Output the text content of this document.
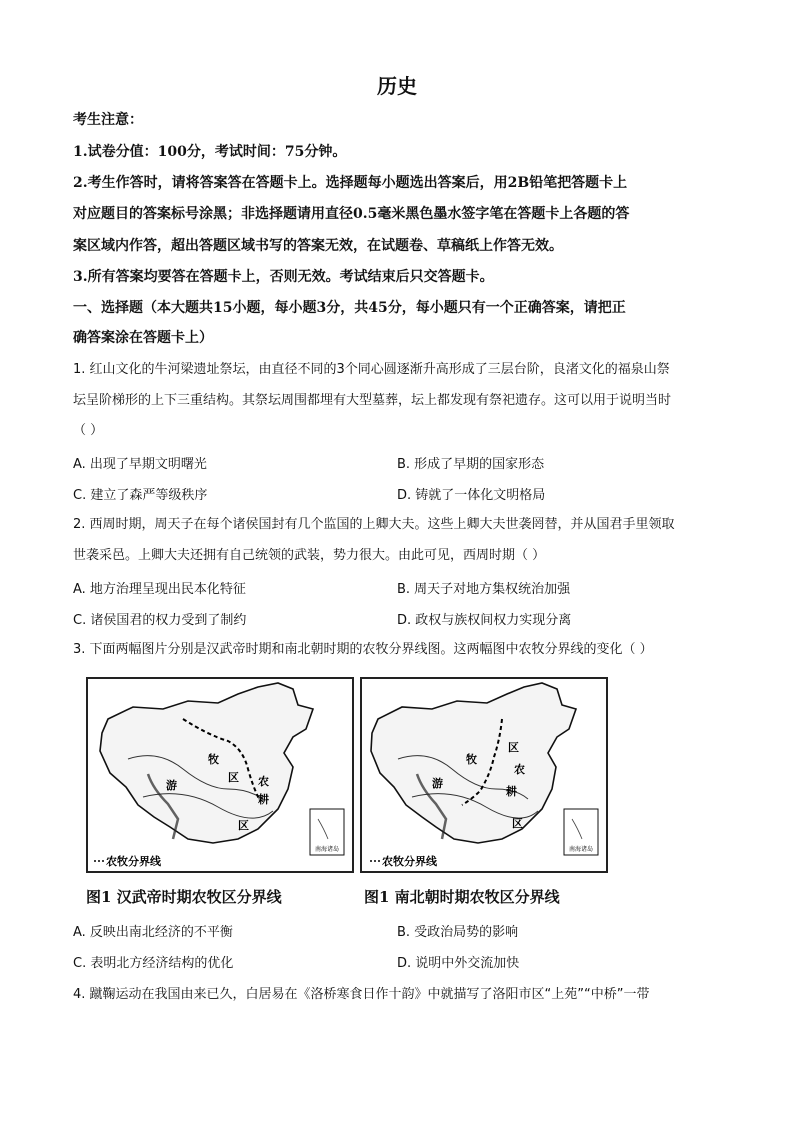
历史
考生注意：
1.试卷分值：100分，考试时间：75分钟。
2.考生作答时，请将答案答在答题卡上。选择题每小题选出答案后，用2B铅笔把答题卡上
对应题目的答案标号涂黑；非选择题请用直径0.5毫米黑色墨水签字笔在答题卡上各题的答
案区域内作答，超出答题区域书写的答案无效，在试题卷、草稿纸上作答无效。
3.所有答案均要答在答题卡上，否则无效。考试结束后只交答题卡。
一、选择题（本大题共15小题，每小题3分，共45分，每小题只有一个正确答案，请把正
确答案涂在答题卡上）
1. 红山文化的牛河梁遗址祭坛，由直径不同的3个同心圆逐渐升高形成了三层台阶，良渚文化的福泉山祭
坛呈阶梯形的上下三重结构。其祭坛周围都埋有大型墓葬，坛上都发现有祭祀遗存。这可以用于说明当时
（ ）
A. 出现了早期文明曙光	B. 形成了早期的国家形态
C. 建立了森严等级秩序	D. 铸就了一体化文明格局
2. 西周时期，周天子在每个诸侯国封有几个监国的上卿大夫。这些上卿大夫世袭罔替，并从国君手里领取
世袭采邑。上卿大夫还拥有自己统领的武装，势力很大。由此可见，西周时期（ ）
A. 地方治理呈现出民本化特征	B. 周天子对地方集权统治加强
C. 诸侯国君的权力受到了制约	D. 政权与族权间权力实现分离
3. 下面两幅图片分别是汉武帝时期和南北朝时期的农牧分界线图。这两幅图中农牧分界线的变化（ ）
南海诸岛
牧
区
游	农
耕
区
农牧分界线
南海诸岛
牧
区
游
农
耕
区
农牧分界线
图1 汉武帝时期农牧区分界线	图1 南北朝时期农牧区分界线
A. 反映出南北经济的不平衡	B. 受政治局势的影响
C. 表明北方经济结构的优化	D. 说明中外交流加快
4. 蹴鞠运动在我国由来已久，白居易在《洛桥寒食日作十韵》中就描写了洛阳市区“上苑”“中桥”一带
